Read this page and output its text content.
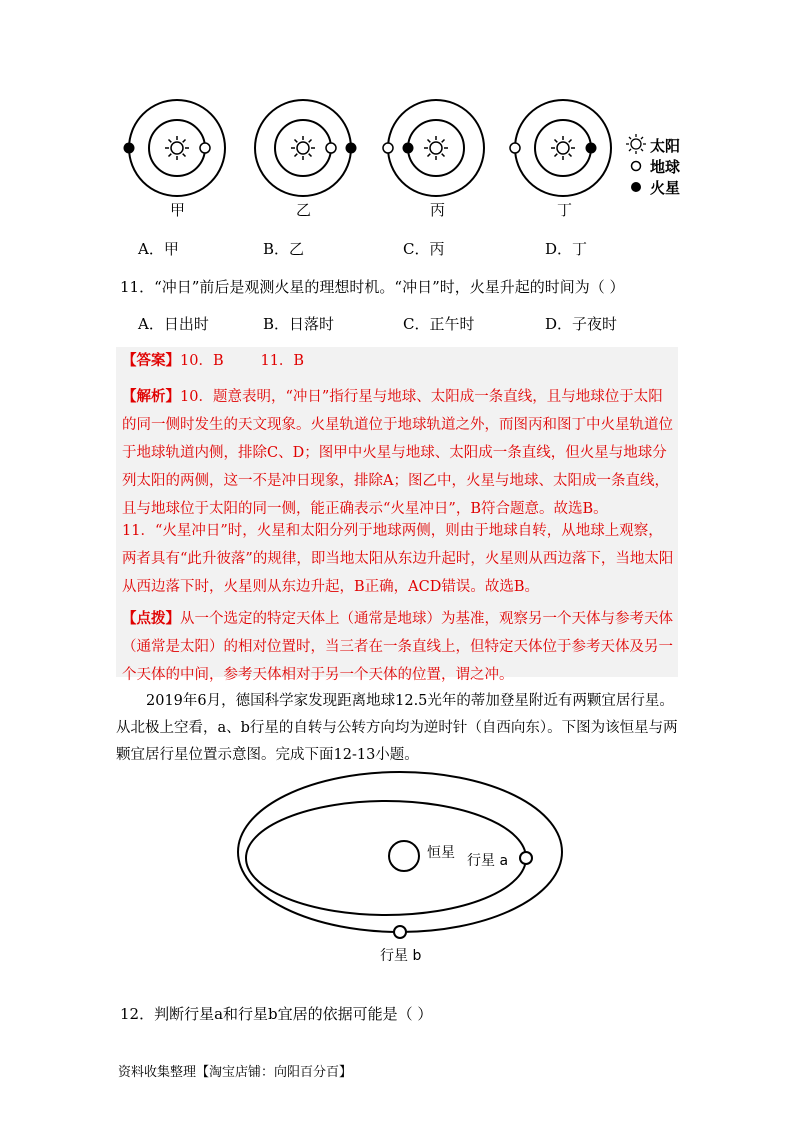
甲	乙	丙	丁
太阳
地球
火星
A．甲	B．乙	C．丙	D．丁
11．“冲日”前后是观测火星的理想时机。“冲日”时，火星升起的时间为（ ）
A．日出时	B．日落时	C．正午时	D．子夜时
【答案】10．B        11．B
【解析】10．题意表明，“冲日”指行星与地球、太阳成一条直线，且与地球位于太阳的同一侧时发生的天文现象。火星轨道位于地球轨道之外，而图丙和图丁中火星轨道位于地球轨道内侧，排除C、D；图甲中火星与地球、太阳成一条直线，但火星与地球分列太阳的两侧，这一不是冲日现象，排除A；图乙中，火星与地球、太阳成一条直线，且与地球位于太阳的同一侧，能正确表示“火星冲日”，B符合题意。故选B。
11．“火星冲日”时，火星和太阳分列于地球两侧，则由于地球自转，从地球上观察，两者具有“此升彼落”的规律，即当地太阳从东边升起时，火星则从西边落下，当地太阳从西边落下时，火星则从东边升起，B正确，ACD错误。故选B。
【点拨】从一个选定的特定天体上（通常是地球）为基准，观察另一个天体与参考天体（通常是太阳）的相对位置时，当三者在一条直线上，但特定天体位于参考天体及另一个天体的中间，参考天体相对于另一个天体的位置，谓之冲。
2019年6月，德国科学家发现距离地球12.5光年的蒂加登星附近有两颗宜居行星。从北极上空看，a、b行星的自转与公转方向均为逆时针（自西向东）。下图为该恒星与两颗宜居行星位置示意图。完成下面12-13小题。
恒星 行星 a
行星 b
12．判断行星a和行星b宜居的依据可能是（ ）
资料收集整理【淘宝店铺：向阳百分百】
